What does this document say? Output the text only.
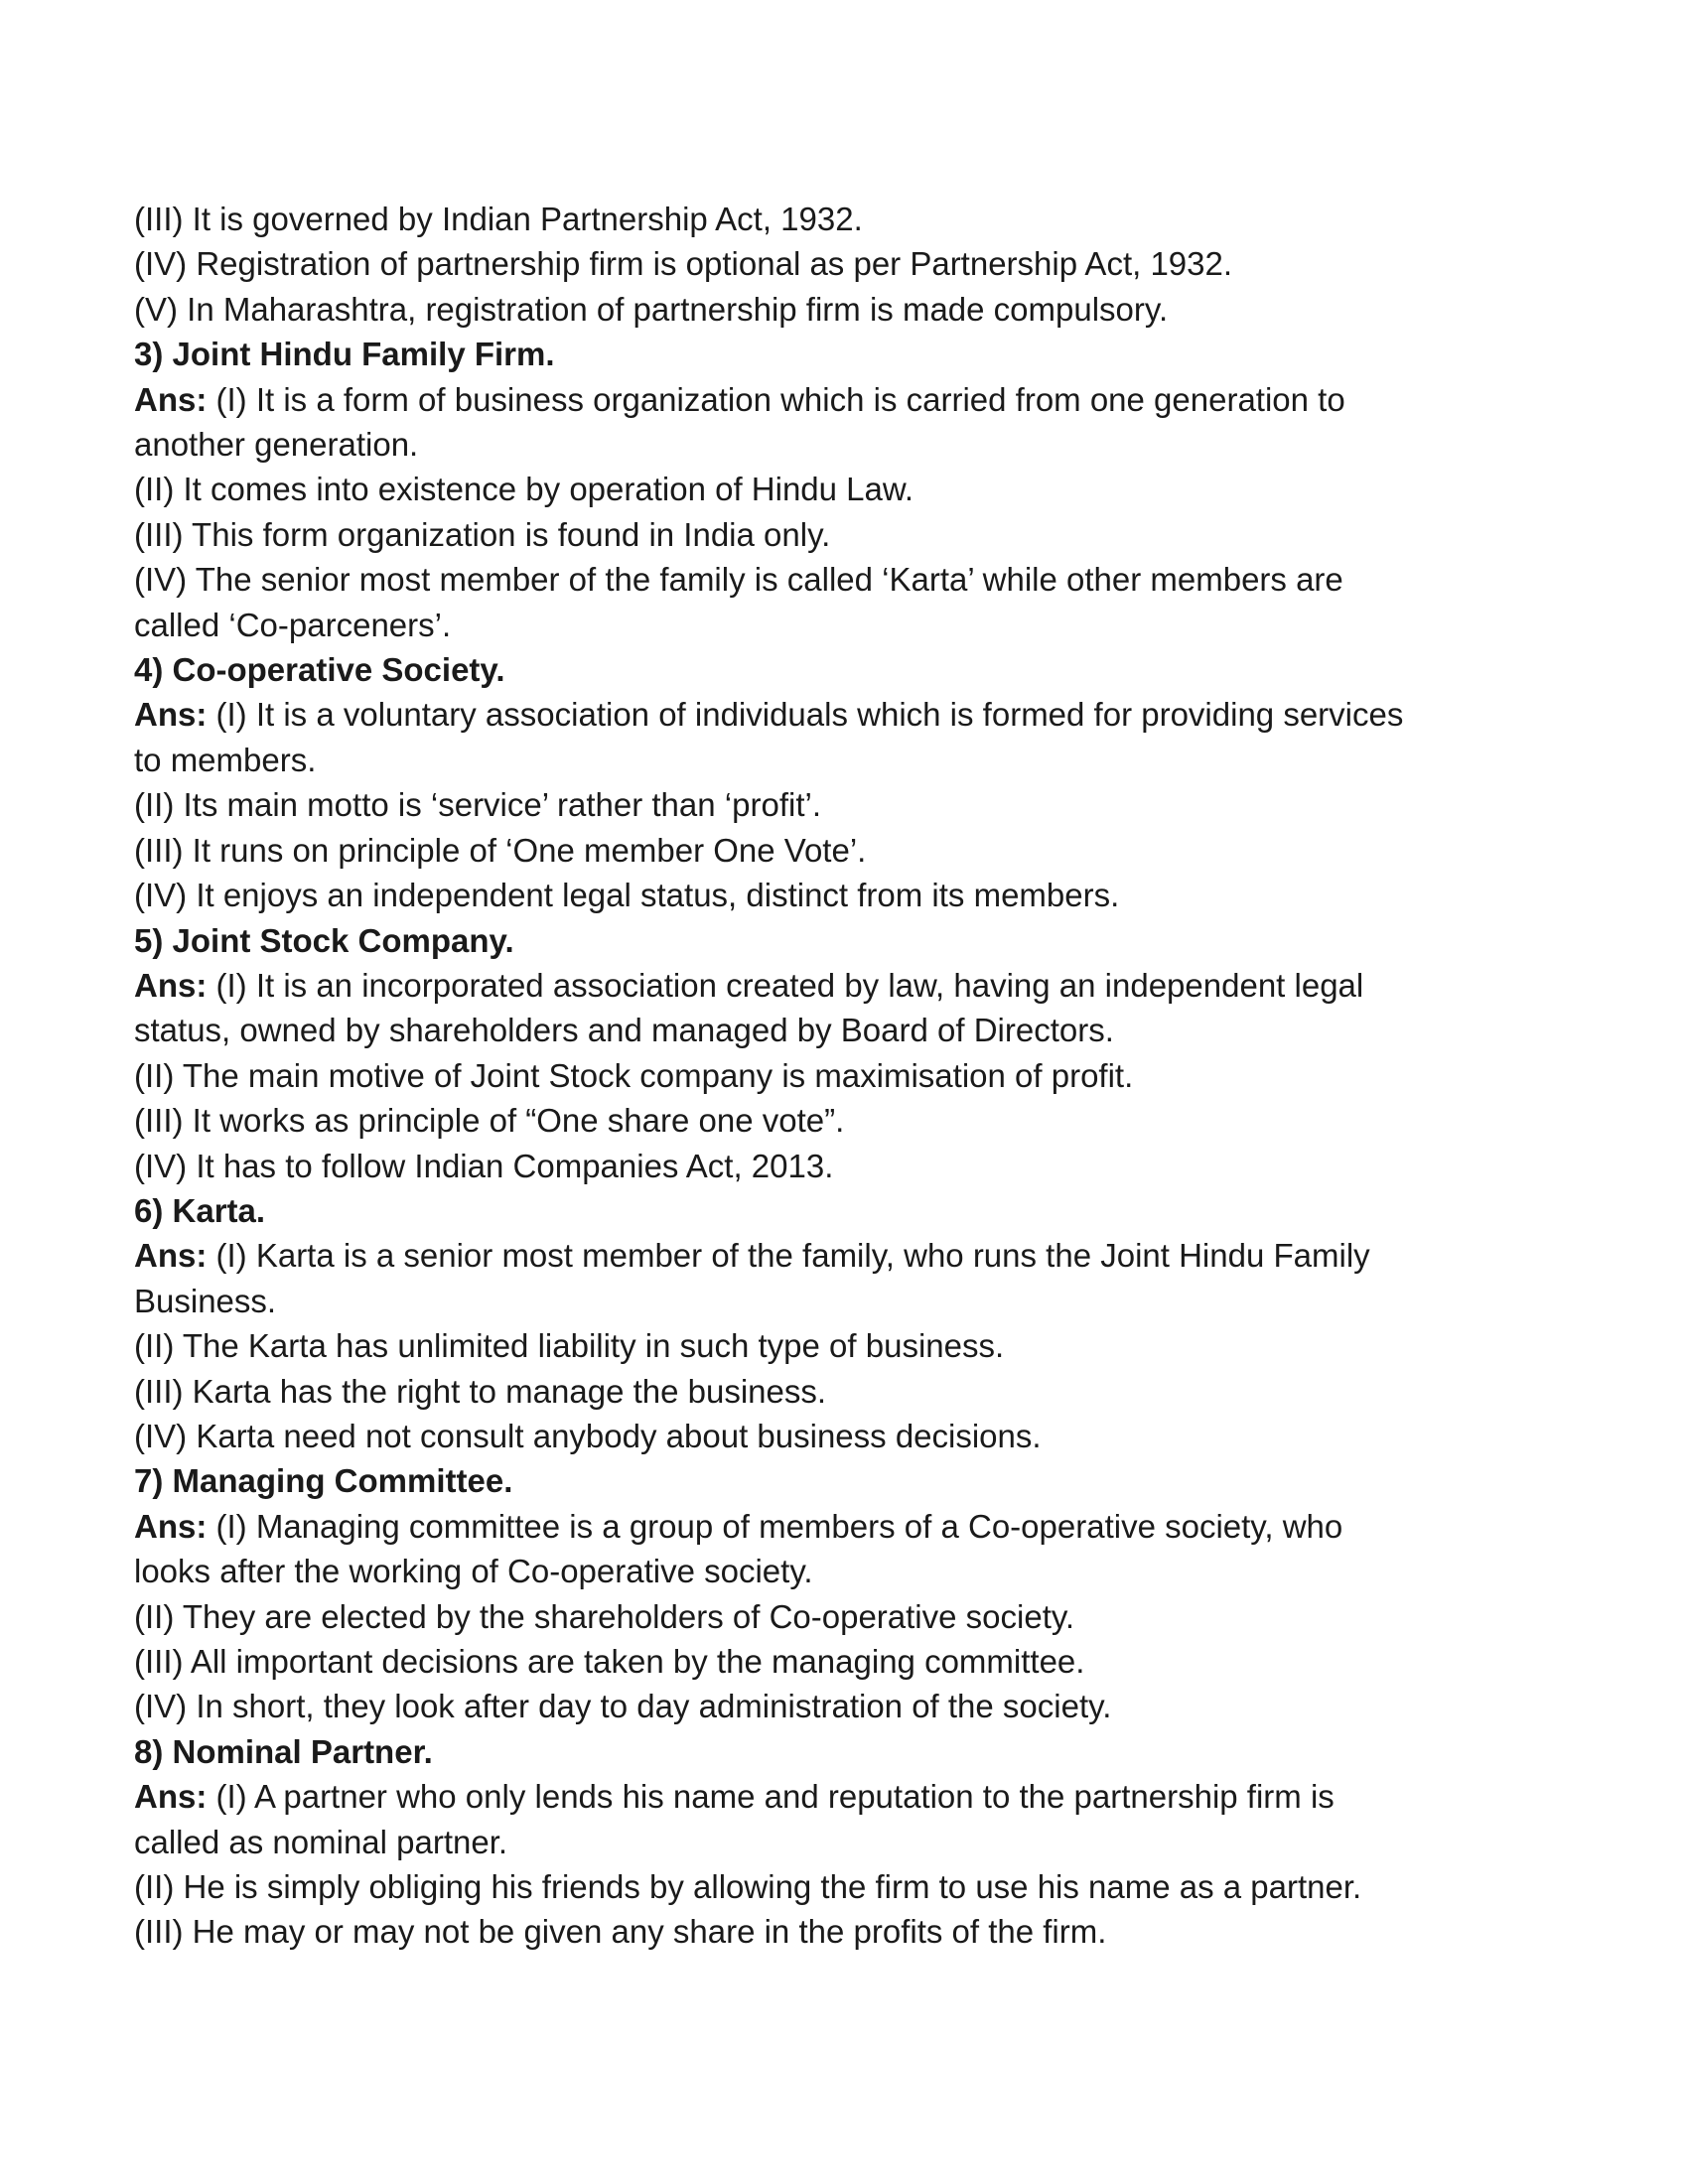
(III) It is governed by Indian Partnership Act, 1932.
(IV) Registration of partnership firm is optional as per Partnership Act, 1932.
(V) In Maharashtra, registration of partnership firm is made compulsory.
3) Joint Hindu Family Firm.
Ans: (I) It is a form of business organization which is carried from one generation to
another generation.
(II) It comes into existence by operation of Hindu Law.
(III) This form organization is found in India only.
(IV) The senior most member of the family is called ‘Karta’ while other members are
called ‘Co-parceners’.
4) Co-operative Society.
Ans: (I) It is a voluntary association of individuals which is formed for providing services
to members.
(II) Its main motto is ‘service’ rather than ‘profit’.
(III) It runs on principle of ‘One member One Vote’.
(IV) It enjoys an independent legal status, distinct from its members.
5) Joint Stock Company.
Ans: (I) It is an incorporated association created by law, having an independent legal
status, owned by shareholders and managed by Board of Directors.
(II) The main motive of Joint Stock company is maximisation of profit.
(III) It works as principle of “One share one vote”.
(IV) It has to follow Indian Companies Act, 2013.
6) Karta.
Ans: (I) Karta is a senior most member of the family, who runs the Joint Hindu Family
Business.
(II) The Karta has unlimited liability in such type of business.
(III) Karta has the right to manage the business.
(IV) Karta need not consult anybody about business decisions.
7) Managing Committee.
Ans: (I) Managing committee is a group of members of a Co-operative society, who
looks after the working of Co-operative society.
(II) They are elected by the shareholders of Co-operative society.
(III) All important decisions are taken by the managing committee.
(IV) In short, they look after day to day administration of the society.
8) Nominal Partner.
Ans: (I) A partner who only lends his name and reputation to the partnership firm is
called as nominal partner.
(II) He is simply obliging his friends by allowing the firm to use his name as a partner.
(III) He may or may not be given any share in the profits of the firm.
